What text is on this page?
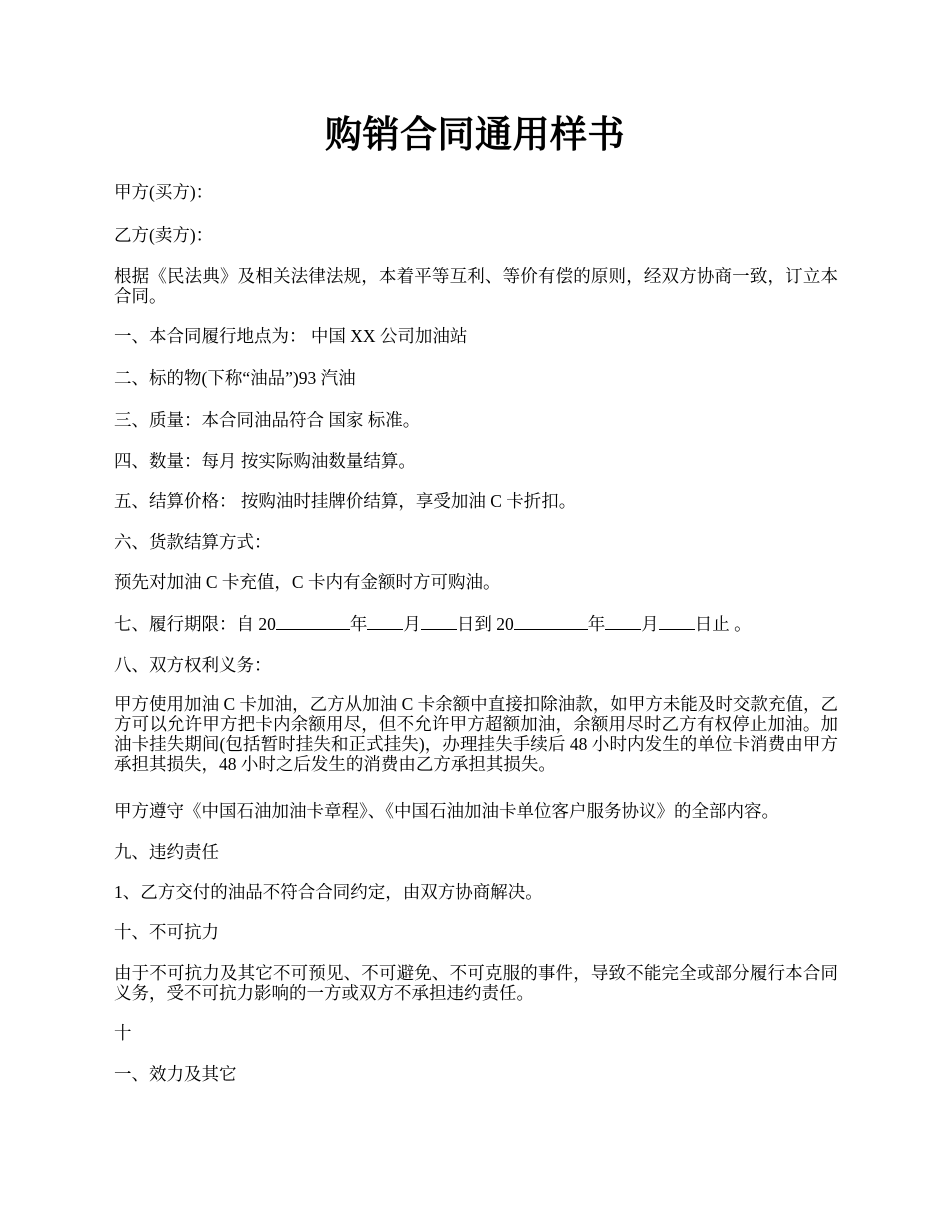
购销合同通用样书

甲方(买方)：

乙方(卖方)：

根据《民法典》及相关法律法规，本着平等互利、等价有偿的原则，经双方协商一致，订立本合同。

一、本合同履行地点为： 中国 XX 公司加油站

二、标的物(下称“油品”)93 汽油

三、质量：本合同油品符合 国家 标准。

四、数量：每月 按实际购油数量结算。

五、结算价格： 按购油时挂牌价结算，享受加油 C 卡折扣。

六、货款结算方式：

预先对加油 C 卡充值，C 卡内有金额时方可购油。

七、履行期限：自 20	年 月 日到 20	年 月 日止 。

八、双方权利义务：

甲方使用加油 C 卡加油，乙方从加油 C 卡余额中直接扣除油款，如甲方未能及时交款充值，乙方可以允许甲方把卡内余额用尽，但不允许甲方超额加油，余额用尽时乙方有权停止加油。加油卡挂失期间(包括暂时挂失和正式挂失)，办理挂失手续后 48 小时内发生的单位卡消费由甲方承担其损失，48 小时之后发生的消费由乙方承担其损失。

甲方遵守《中国石油加油卡章程》、《中国石油加油卡单位客户服务协议》的全部内容。

九、违约责任

1、乙方交付的油品不符合合同约定，由双方协商解决。

十、不可抗力

由于不可抗力及其它不可预见、不可避免、不可克服的事件，导致不能完全或部分履行本合同义务，受不可抗力影响的一方或双方不承担违约责任。

十

一、效力及其它
